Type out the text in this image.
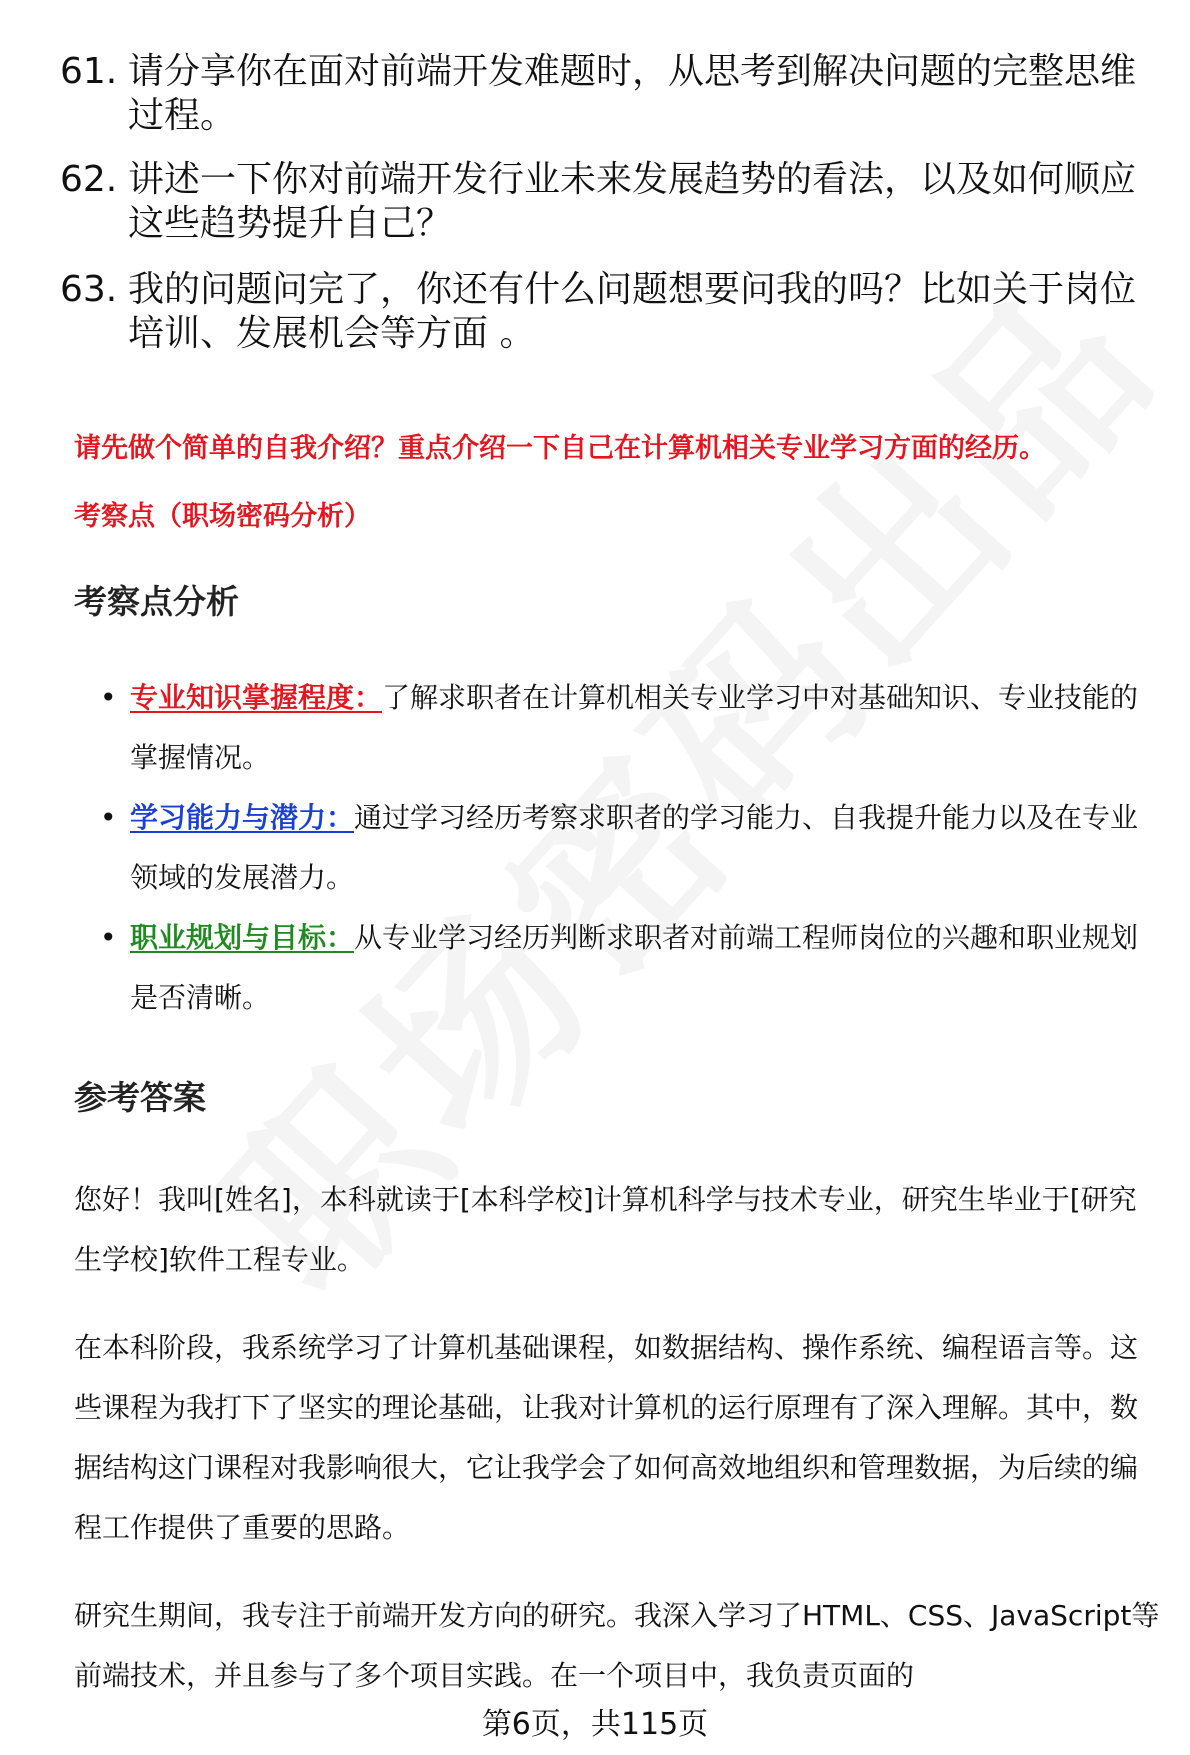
61. 请分享你在面对前端开发难题时，从思考到解决问题的完整思维过程。
62. 讲述一下你对前端开发行业未来发展趋势的看法，以及如何顺应这些趋势提升自己？
63. 我的问题问完了，你还有什么问题想要问我的吗？比如关于岗位培训、发展机会等方面 。
请先做个简单的自我介绍？重点介绍一下自己在计算机相关专业学习方面的经历。
考察点（职场密码分析）
考察点分析
• 专业知识掌握程度：了解求职者在计算机相关专业学习中对基础知识、专业技能的掌握情况。
• 学习能力与潜力：通过学习经历考察求职者的学习能力、自我提升能力以及在专业领域的发展潜力。
• 职业规划与目标：从专业学习经历判断求职者对前端工程师岗位的兴趣和职业规划是否清晰。
参考答案

您好！我叫[姓名]，本科就读于[本科学校]计算机科学与技术专业，研究生毕业于[研究生学校]软件工程专业。

在本科阶段，我系统学习了计算机基础课程，如数据结构、操作系统、编程语言等。这些课程为我打下了坚实的理论基础，让我对计算机的运行原理有了深入理解。其中，数据结构这门课程对我影响很大，它让我学会了如何高效地组织和管理数据，为后续的编程工作提供了重要的思路。

研究生期间，我专注于前端开发方向的研究。我深入学习了HTML、CSS、JavaScript等前端技术，并且参与了多个项目实践。在一个项目中，我负责页面的

第6页，共115页
